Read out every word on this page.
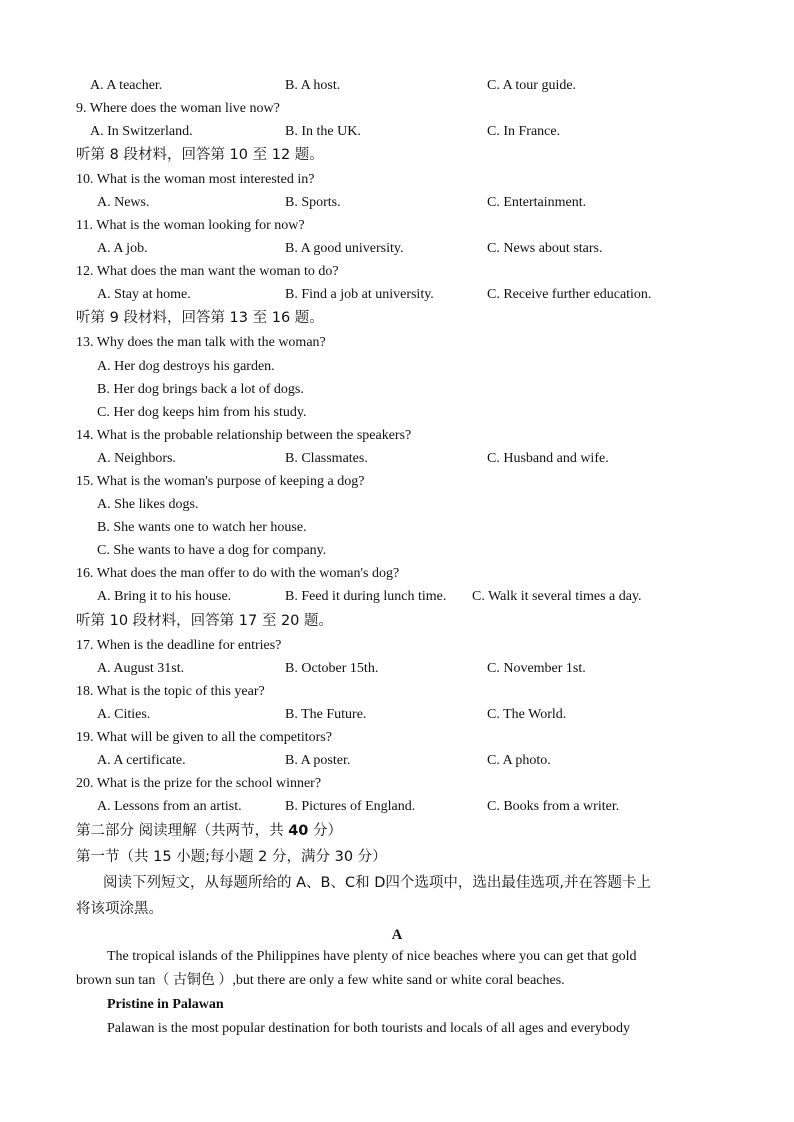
A. A teacher.	B. A host.	C. A tour guide.
9. Where does the woman live now?
A. In Switzerland.	B. In the UK.	C. In France.
听第 8 段材料，回答第 10 至 12 题。
10. What is the woman most interested in?
A. News.	B. Sports.	C. Entertainment.
11. What is the woman looking for now?
A. A job.	B. A good university.	C. News about stars.
12. What does the man want the woman to do?
A. Stay at home.	B. Find a job at university.	C. Receive further education.
听第 9 段材料，回答第 13 至 16 题。
13. Why does the man talk with the woman?
A. Her dog destroys his garden.
B. Her dog brings back a lot of dogs.
C. Her dog keeps him from his study.
14. What is the probable relationship between the speakers?
A. Neighbors.	B. Classmates.	C. Husband and wife.
15. What is the woman's purpose of keeping a dog?
A. She likes dogs.
B. She wants one to watch her house.
C. She wants to have a dog for company.
16. What does the man offer to do with the woman's dog?
A. Bring it to his house.	B. Feed it during lunch time. C. Walk it several times a day.
听第 10 段材料，回答第 17 至 20 题。
17. When is the deadline for entries?
A. August 31st.	B. October 15th.	C. November 1st.
18. What is the topic of this year?
A. Cities.	B. The Future.	C. The World.
19. What will be given to all the competitors?
A. A certificate.	B. A poster.	C. A photo.
20. What is the prize for the school winner?
A. Lessons from an artist.	B. Pictures of England.	C. Books from a writer.
第二部分 阅读理解（共两节，共 40 分）
第一节（共 15 小题;每小题 2 分，满分 30 分）
阅读下列短文，从每题所给的 A、B、C和 D四个选项中，选出最佳选项,并在答题卡上
将该项涂黑。
A
The tropical islands of the Philippines have plenty of nice beaches where you can get that gold
brown sun tan（ 古铜色 ）,but there are only a few white sand or white coral beaches.
Pristine in Palawan
Palawan is the most popular destination for both tourists and locals of all ages and everybody
